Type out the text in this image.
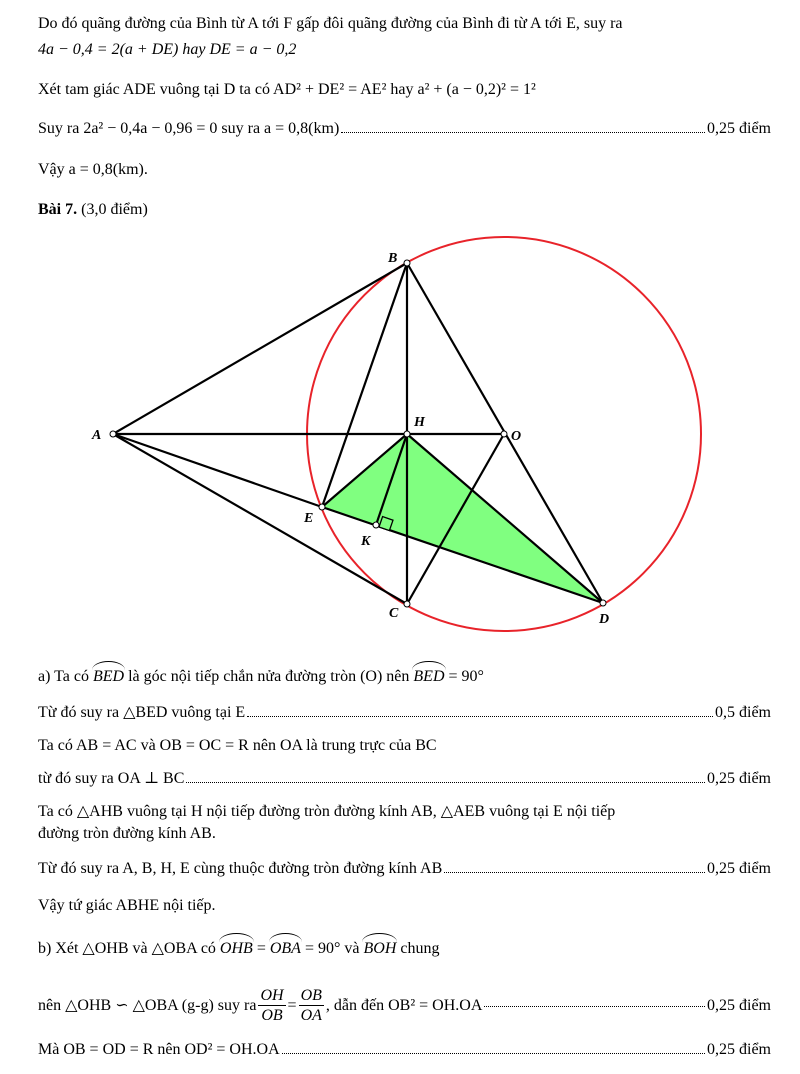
Do đó quãng đường của Bình từ A tới F gấp đôi quãng đường của Bình đi từ A tới E, suy ra
4a − 0,4 = 2(a + DE) hay DE = a − 0,2
Xét tam giác ADE vuông tại D ta có AD² + DE² = AE² hay a² + (a − 0,2)² = 1²
Suy ra 2a² − 0,4a − 0,96 = 0 suy ra a = 0,8(km)	0,25 điểm
Vậy a = 0,8(km).
Bài 7. (3,0 điểm)
A
B
C	D
E
H
O
K
a) Ta có BED là góc nội tiếp chắn nửa đường tròn (O) nên BED = 90°
Từ đó suy ra △BED vuông tại E	0,5 điểm
Ta có AB = AC và OB = OC = R nên OA là trung trực của BC
từ đó suy ra OA ⊥ BC	0,25 điểm
Ta có △AHB vuông tại H nội tiếp đường tròn đường kính AB, △AEB vuông tại E nội tiếp
đường tròn đường kính AB.
Từ đó suy ra A, B, H, E cùng thuộc đường tròn đường kính AB	0,25 điểm
Vậy tứ giác ABHE nội tiếp.
b) Xét △OHB và △OBA có OHB = OBA = 90° và BOH chung
nên △OHB ∽ △OBA (g-g) suy ra $\frac{OH}{OB} = \frac{OB}{OA}$ , dẫn đến OB² = OH.OA	0,25 điểm
Mà OB = OD = R nên OD² = OH.OA	0,25 điểm
